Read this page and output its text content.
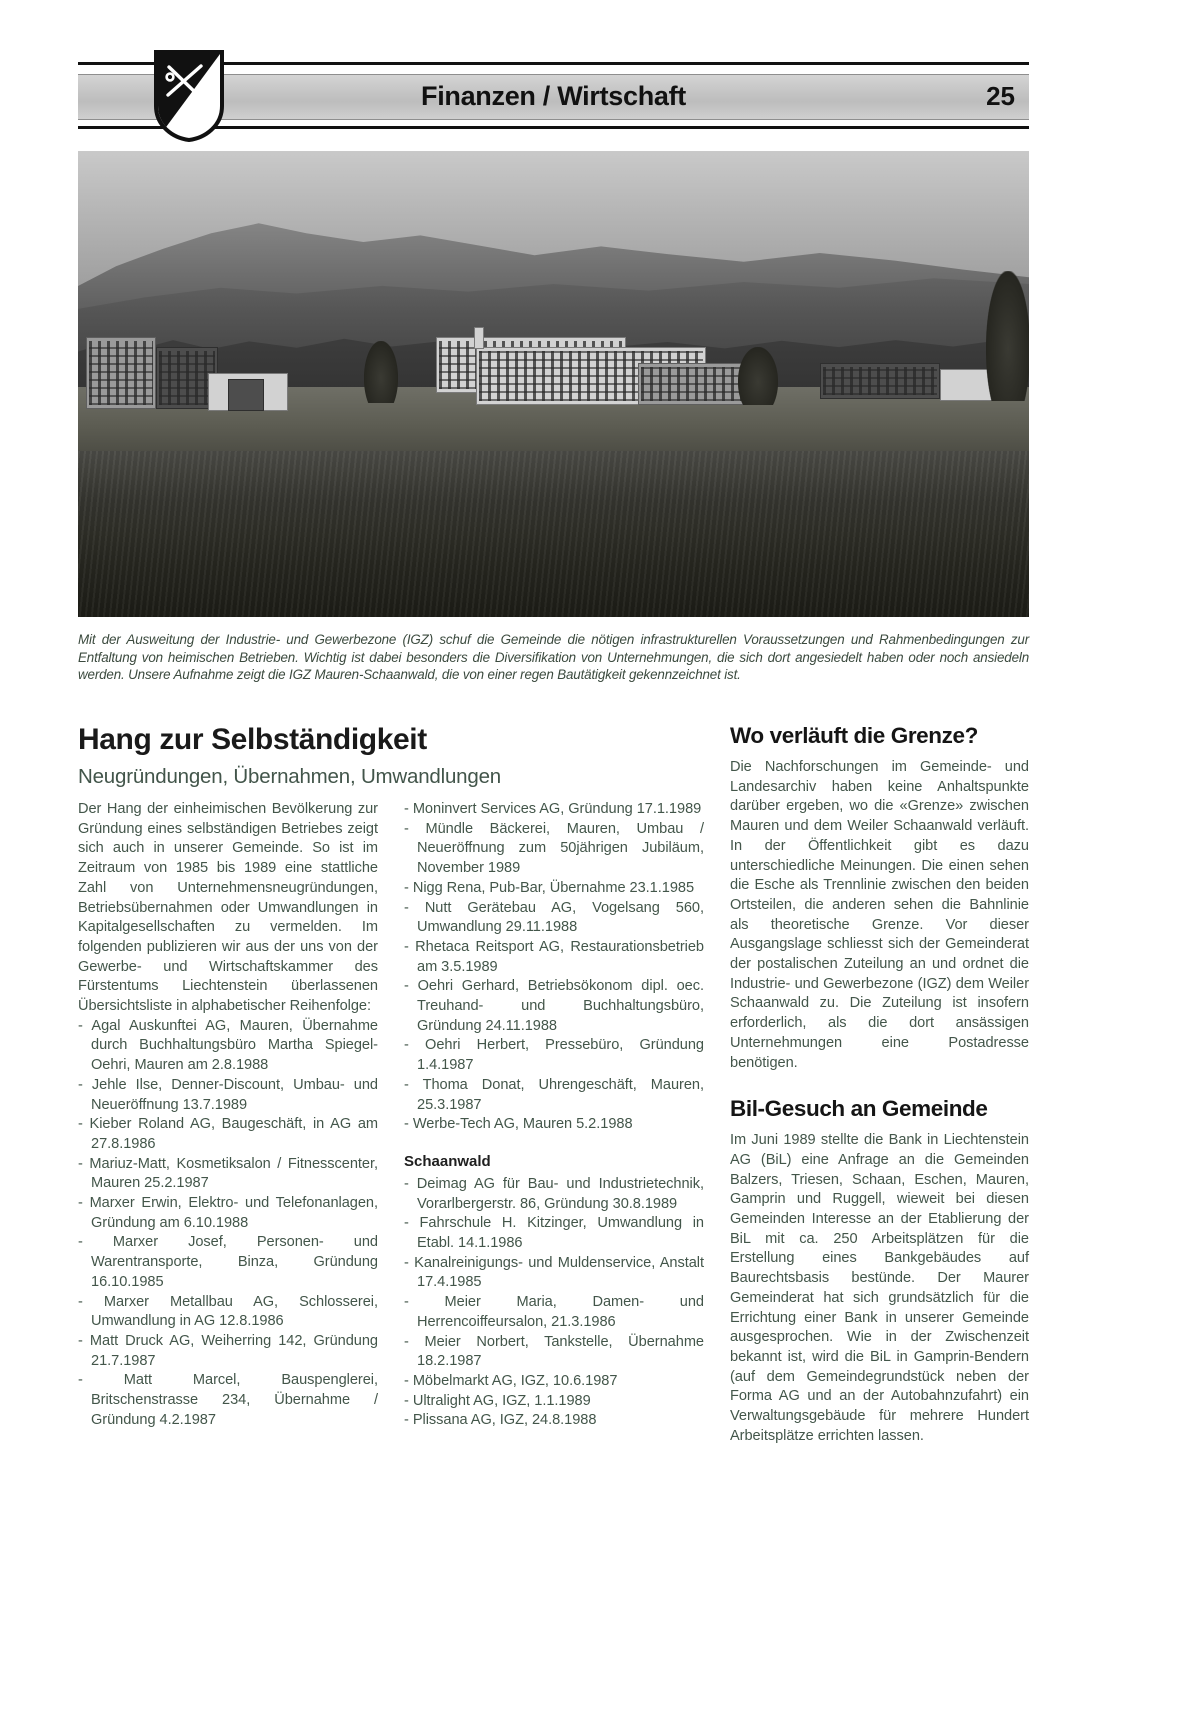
Finanzen / Wirtschaft	25
Mit der Ausweitung der Industrie- und Gewerbezone (IGZ) schuf die Gemeinde die nötigen infrastrukturellen Voraussetzungen und Rahmenbedingungen zur Entfaltung von heimischen Betrieben. Wichtig ist dabei besonders die Diversifikation von Unternehmungen, die sich dort angesiedelt haben oder noch ansiedeln werden. Unsere Aufnahme zeigt die IGZ Mauren-Schaanwald, die von einer regen Bautätigkeit gekennzeichnet ist.
Hang zur Selbständigkeit
Neugründungen, Übernahmen, Umwandlungen

Der Hang der einheimischen Bevölkerung zur Gründung eines selbständigen Betriebes zeigt sich auch in unserer Gemeinde. So ist im Zeitraum von 1985 bis 1989 eine stattliche Zahl von Unternehmensneugründungen, Betriebsübernahmen oder Umwandlungen in Kapitalgesellschaften zu vermelden. Im folgenden publizieren wir aus der uns von der Gewerbe- und Wirtschaftskammer des Fürstentums Liechtenstein überlassenen Übersichtsliste in alphabetischer Reihenfolge:

- Agal Auskunftei AG, Mauren, Übernahme durch Buchhaltungsbüro Martha Spiegel-Oehri, Mauren am 2.8.1988
- Jehle Ilse, Denner-Discount, Umbau- und Neueröffnung 13.7.1989
- Kieber Roland AG, Baugeschäft, in AG am 27.8.1986
- Mariuz-Matt, Kosmetiksalon / Fitnesscenter, Mauren 25.2.1987
- Marxer Erwin, Elektro- und Telefonanlagen, Gründung am 6.10.1988
- Marxer Josef, Personen- und Warentransporte, Binza, Gründung 16.10.1985
- Marxer Metallbau AG, Schlosserei, Umwandlung in AG 12.8.1986
- Matt Druck AG, Weiherring 142, Gründung 21.7.1987
- Matt Marcel, Bauspenglerei, Britschenstrasse 234, Übernahme / Gründung 4.2.1987
- Moninvert Services AG, Gründung 17.1.1989
- Mündle Bäckerei, Mauren, Umbau / Neueröffnung zum 50jährigen Jubiläum, November 1989
- Nigg Rena, Pub-Bar, Übernahme 23.1.1985
- Nutt Gerätebau AG, Vogelsang 560, Umwandlung 29.11.1988
- Rhetaca Reitsport AG, Restaurationsbetrieb am 3.5.1989
- Oehri Gerhard, Betriebsökonom dipl. oec. Treuhand- und Buchhaltungsbüro, Gründung 24.11.1988
- Oehri Herbert, Pressebüro, Gründung 1.4.1987
- Thoma Donat, Uhrengeschäft, Mauren, 25.3.1987
- Werbe-Tech AG, Mauren 5.2.1988
Schaanwald
- Deimag AG für Bau- und Industrietechnik, Vorarlbergerstr. 86, Gründung 30.8.1989
- Fahrschule H. Kitzinger, Umwandlung in Etabl. 14.1.1986
- Kanalreinigungs- und Muldenservice, Anstalt 17.4.1985
- Meier Maria, Damen- und Herrencoiffeursalon, 21.3.1986
- Meier Norbert, Tankstelle, Übernahme 18.2.1987
- Möbelmarkt AG, IGZ, 10.6.1987
- Ultralight AG, IGZ, 1.1.1989
- Plissana AG, IGZ, 24.8.1988
Wo verläuft die Grenze?

Die Nachforschungen im Gemeinde- und Landesarchiv haben keine Anhaltspunkte darüber ergeben, wo die «Grenze» zwischen Mauren und dem Weiler Schaanwald verläuft. In der Öffentlichkeit gibt es dazu unterschiedliche Meinungen. Die einen sehen die Esche als Trennlinie zwischen den beiden Ortsteilen, die anderen sehen die Bahnlinie als theoretische Grenze. Vor dieser Ausgangslage schliesst sich der Gemeinderat der postalischen Zuteilung an und ordnet die Industrie- und Gewerbezone (IGZ) dem Weiler Schaanwald zu. Die Zuteilung ist insofern erforderlich, als die dort ansässigen Unternehmungen eine Postadresse benötigen.

Bil-Gesuch an Gemeinde

Im Juni 1989 stellte die Bank in Liechtenstein AG (BiL) eine Anfrage an die Gemeinden Balzers, Triesen, Schaan, Eschen, Mauren, Gamprin und Ruggell, wieweit bei diesen Gemeinden Interesse an der Etablierung der BiL mit ca. 250 Arbeitsplätzen für die Erstellung eines Bankgebäudes auf Baurechtsbasis bestünde. Der Maurer Gemeinderat hat sich grundsätzlich für die Errichtung einer Bank in unserer Gemeinde ausgesprochen. Wie in der Zwischenzeit bekannt ist, wird die BiL in Gamprin-Bendern (auf dem Gemeindegrundstück neben der Forma AG und an der Autobahnzufahrt) ein Verwaltungsgebäude für mehrere Hundert Arbeitsplätze errichten lassen.
